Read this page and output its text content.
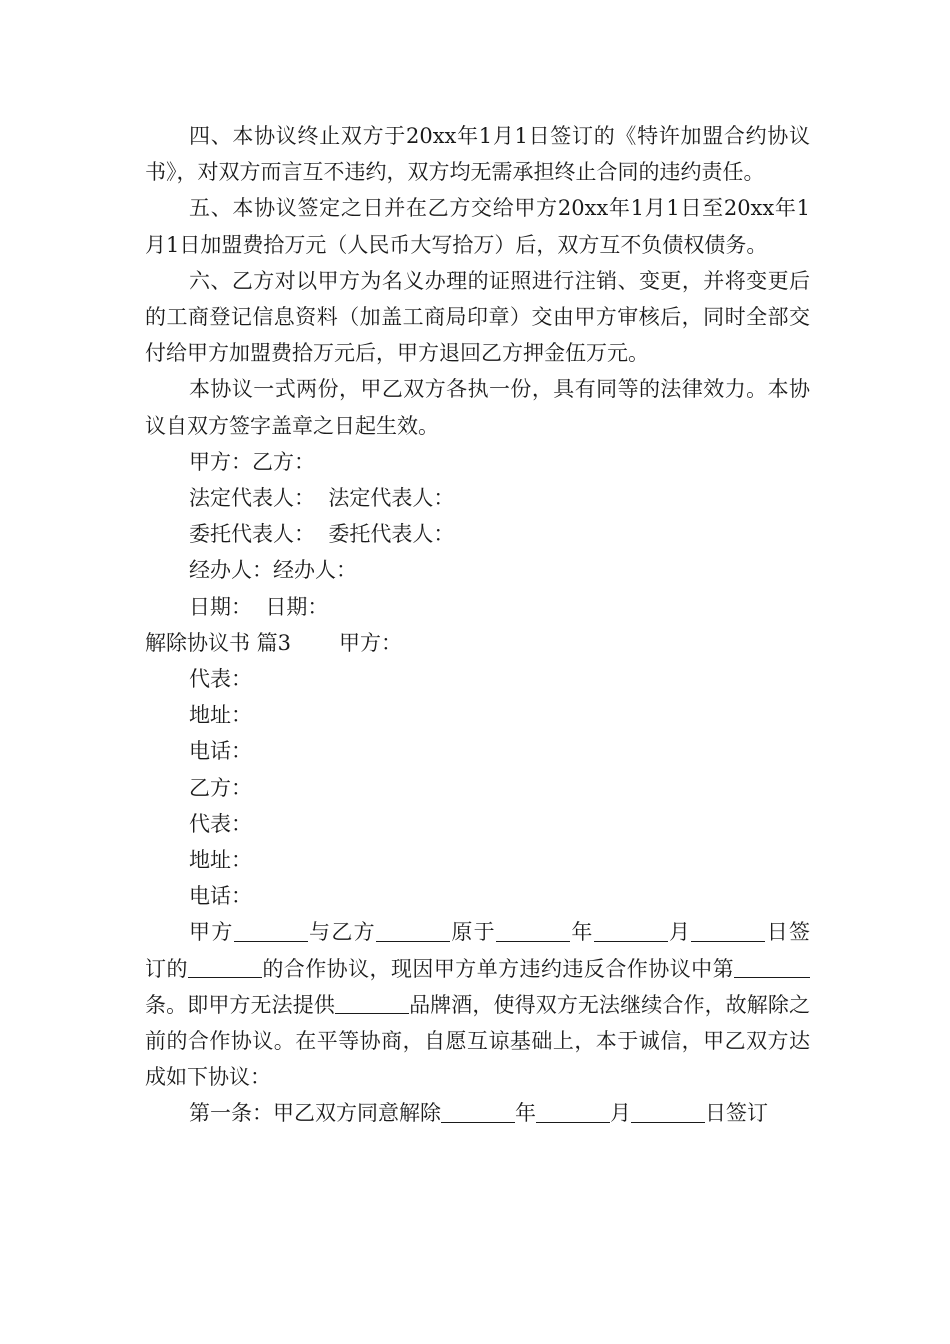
四、本协议终止双方于20xx年1月1日签订的《特许加盟合约协议书》，对双方而言互不违约，双方均无需承担终止合同的违约责任。

五、本协议签定之日并在乙方交给甲方20xx年1月1日至20xx年1月1日加盟费拾万元（人民币大写拾万）后，双方互不负债权债务。

六、乙方对以甲方为名义办理的证照进行注销、变更，并将变更后的工商登记信息资料（加盖工商局印章）交由甲方审核后，同时全部交付给甲方加盟费拾万元后，甲方退回乙方押金伍万元。

本协议一式两份，甲乙双方各执一份，具有同等的法律效力。本协议自双方签字盖章之日起生效。

甲方：乙方：

法定代表人：  法定代表人：

委托代表人：  委托代表人：

经办人：经办人：

日期：  日期：

解除协议书 篇3 甲方：

代表：

地址：

电话：

乙方：

代表：

地址：

电话：

甲方	与乙方	原于	年	月	日签订的	的合作协议，现因甲方单方违约违反合作协议中第条。即甲方无法提供	品牌酒，使得双方无法继续合作，故解除之前的合作协议。在平等协商，自愿互谅基础上，本于诚信，甲乙双方达成如下协议：

第一条：甲乙双方同意解除	年	月	日签订
